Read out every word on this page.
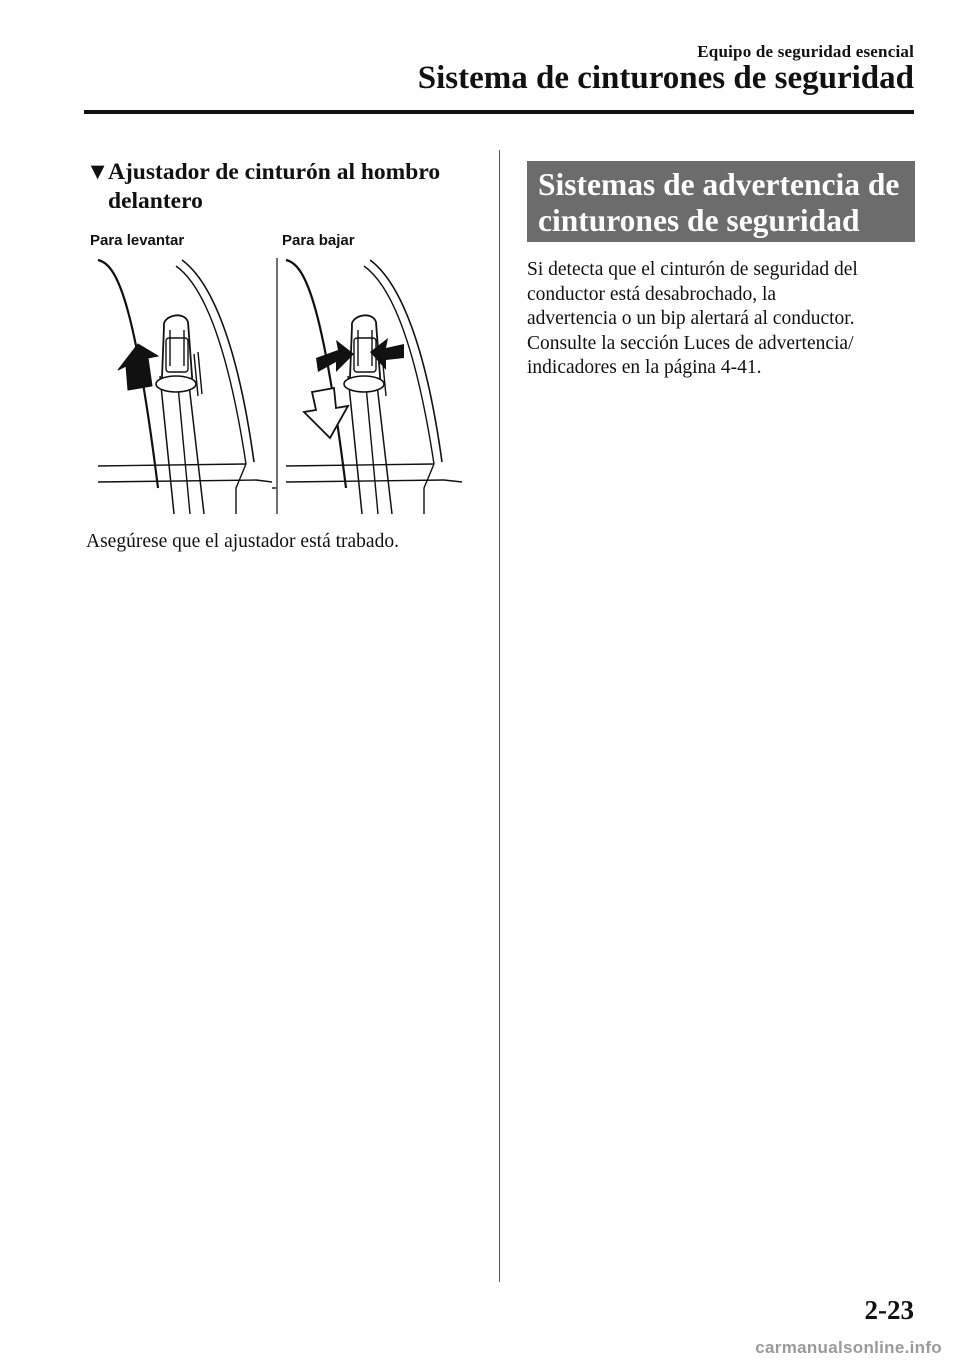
Equipo de seguridad esencial
Sistema de cinturones de seguridad
▼Ajustador de cinturón al hombro
delantero
Para levantar	Para bajar
Asegúrese que el ajustador está trabado.
Sistemas de advertencia de
cinturones de seguridad
Si detecta que el cinturón de seguridad del
conductor está desabrochado, la
advertencia o un bip alertará al conductor.
Consulte la sección Luces de advertencia/
indicadores en la página 4-41.
2-23
carmanualsonline.info
